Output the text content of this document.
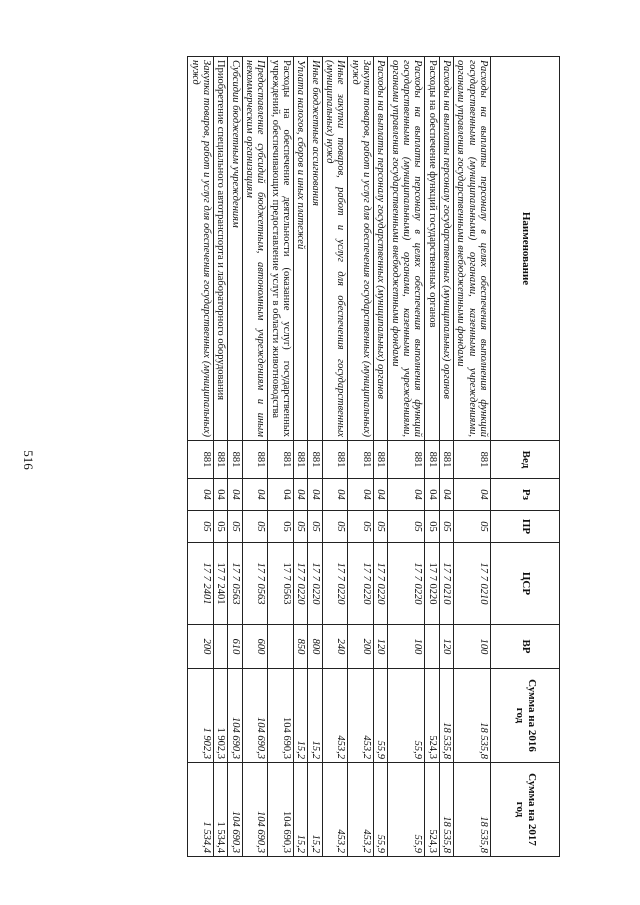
516
Наименование	Вед	Рз	ПР	ЦСР	ВР	Сумма на 2016 год	Сумма на 2017 год
Расходы на выплаты персоналу в целях обеспечения выполнения функций государственными (муниципальными) органами, казенными учреждениями, органами управления государственными внебюджетными фондами	881	04	05	17 7 0210	100	18 535,8	18 535,8
Расходы на выплаты персоналу государственных (муниципальных) органов	881	04	05	17 7 0210	120	18 535,8	18 535,8
Расходы на обеспечение функций государственных органов	881	04	05	17 7 0220		524,3	524,3
Расходы на выплаты персоналу в целях обеспечения выполнения функций государственными (муниципальными) органами, казенными учреждениями, органами управления государственными внебюджетными фондами	881	04	05	17 7 0220	100	55,9	55,9
Расходы на выплаты персоналу государственных (муниципальных) органов	881	04	05	17 7 0220	120	55,9	55,9
Закупка товаров, работ и услуг для обеспечения государственных (муниципальных) нужд	881	04	05	17 7 0220	200	453,2	453,2
Иные закупки товаров, работ и услуг для обеспечения государственных (муниципальных) нужд	881	04	05	17 7 0220	240	453,2	453,2
Иные бюджетные ассигнования	881	04	05	17 7 0220	800	15,2	15,2
Уплата налогов, сборов и иных платежей	881	04	05	17 7 0220	850	15,2	15,2
Расходы на обеспечение деятельности (оказание услуг) государственных учреждений, обеспечивающих предоставление услуг в области животноводства	881	04	05	17 7 0563		104 690,3	104 690,3
Предоставление субсидий бюджетным, автономным учреждениям и иным некоммерческим организациям	881	04	05	17 7 0563	600	104 690,3	104 690,3
Субсидии бюджетным учреждениям	881	04	05	17 7 0563	610	104 690,3	104 690,3
Приобретение специального автотранспорта и лабораторного оборудования	881	04	05	17 7 2401		1 902,3	1 534,4
Закупка товаров, работ и услуг для обеспечения государственных (муниципальных) нужд	881	04	05	17 7 2401	200	1 902,3	1 534,4
